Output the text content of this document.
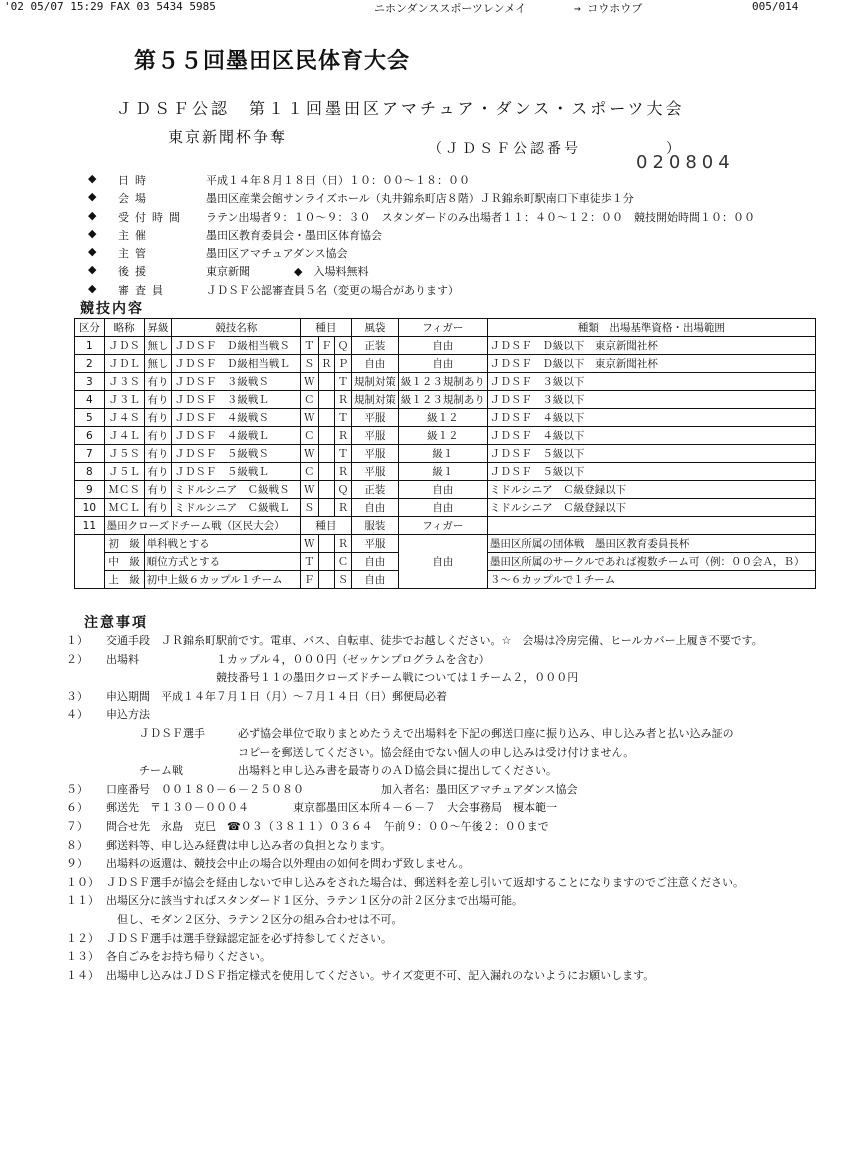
'02 05/07 15:29 FAX 03 5434 5985	ニホンダンススポーツレンメイ	→ コウホウブ	005/014
第５５回墨田区民体育大会
ＪＤＳＦ公認　第１１回墨田区アマチュア・ダンス・スポーツ大会
東京新聞杯争奪
（ＪＤＳＦ公認番号　　　　　）
020804
◆	日時	平成１４年８月１８日（日）１０：００～１８：００
◆	会場	墨田区産業会館サンライズホール（丸井錦糸町店８階）ＪＲ錦糸町駅南口下車徒歩１分
◆	受付時間 ラテン出場者９：１０～９：３０　スタンダードのみ出場者１１：４０～１２：００　競技開始時間１０：００
◆	主催	墨田区教育委員会・墨田区体育協会
◆	主管	墨田区アマチュアダンス協会
◆	後援	東京新聞　　　　◆　入場料無料
◆	審査員	ＪＤＳＦ公認審査員５名（変更の場合があります）
競技内容
区分	略称	昇級	競技名称	種目			風袋	フィガー	種類　出場基準資格・出場範囲
1	ＪＤＳ	無し	ＪＤＳＦ　Ｄ級相当戦Ｓ	Ｔ	Ｆ	Ｑ	正装	自由	ＪＤＳＦ　Ｄ級以下　東京新聞社杯
2	ＪＤＬ	無し	ＪＤＳＦ　Ｄ級相当戦Ｌ	Ｓ	Ｒ	Ｐ	自由	自由	ＪＤＳＦ　Ｄ級以下　東京新聞社杯
3	Ｊ３Ｓ	有り	ＪＤＳＦ　３級戦Ｓ	Ｗ		Ｔ	規制対策	級１２３規制あり	ＪＤＳＦ　３級以下
4	Ｊ３Ｌ	有り	ＪＤＳＦ　３級戦Ｌ	Ｃ		Ｒ	規制対策	級１２３規制あり	ＪＤＳＦ　３級以下
5	Ｊ４Ｓ	有り	ＪＤＳＦ　４級戦Ｓ	Ｗ		Ｔ	平服	級１２	ＪＤＳＦ　４級以下
6	Ｊ４Ｌ	有り	ＪＤＳＦ　４級戦Ｌ	Ｃ		Ｒ	平服	級１２	ＪＤＳＦ　４級以下
7	Ｊ５Ｓ	有り	ＪＤＳＦ　５級戦Ｓ	Ｗ		Ｔ	平服	級１	ＪＤＳＦ　５級以下
8	Ｊ５Ｌ	有り	ＪＤＳＦ　５級戦Ｌ	Ｃ		Ｒ	平服	級１	ＪＤＳＦ　５級以下
9	ＭＣＳ	有り	ミドルシニア　Ｃ級戦Ｓ	Ｗ		Ｑ	正装	自由	ミドルシニア　Ｃ級登録以下
10	ＭＣＬ	有り	ミドルシニア　Ｃ級戦Ｌ	Ｓ		Ｒ	自由	自由	ミドルシニア　Ｃ級登録以下
11	墨田クローズドチーム戦（区民大会）			種目			服装	フィガー	
	初　級	単科戦とする		Ｗ		Ｒ	平服	自由	墨田区所属の団体戦　墨田区教育委員長杯
	中　級	順位方式とする		Ｔ		Ｃ	自由		墨田区所属のサークルであれば複数チーム可（例：００会Ａ，Ｂ）
	上　級	初中上級６カップル１チーム		Ｆ		Ｓ	自由		３～６カップルで１チーム
注意事項
１） 交通手段　ＪＲ錦糸町駅前です。電車、バス、自転車、徒歩でお越しください。☆　会場は冷房完備、ヒールカバー上履き不要です。
２） 出場料　　　　　　　１カップル４，０００円（ゼッケンプログラムを含む）
　　　　　　　　　　競技番号１１の墨田クローズドチーム戦については１チーム２，０００円
３） 申込期間　平成１４年７月１日（月）～７月１４日（日）郵便局必着
４） 申込方法
　　　ＪＤＳＦ選手　　　必ず協会単位で取りまとめたうえで出場料を下記の郵送口座に振り込み、申し込み者と払い込み証の
　　　　　　　　　　　　コピーを郵送してください。協会経由でない個人の申し込みは受け付けません。
　　　チーム戦　　　　　出場料と申し込み書を最寄りのＡＤ協会員に提出してください。
５） 口座番号　００１８０－６－２５０８０　　　　　　　加入者名：墨田区アマチュアダンス協会
６） 郵送先　〒１３０－０００４　　　　東京都墨田区本所４－６－７　大会事務局　榎本範一
７） 問合せ先　永島　克巳　☎０３（３８１１）０３６４　午前９：００～午後２：００まで
８） 郵送料等、申し込み経費は申し込み者の負担となります。
９） 出場料の返還は、競技会中止の場合以外理由の如何を問わず致しません。
１０） ＪＤＳＦ選手が協会を経由しないで申し込みをされた場合は、郵送料を差し引いて返却することになりますのでご注意ください。
１１） 出場区分に該当すればスタンダード１区分、ラテン１区分の計２区分まで出場可能。
　但し、モダン２区分、ラテン２区分の組み合わせは不可。
１２） ＪＤＳＦ選手は選手登録認定証を必ず持参してください。
１３） 各自ごみをお持ち帰りください。
１４） 出場申し込みはＪＤＳＦ指定様式を使用してください。サイズ変更不可、記入漏れのないようにお願いします。
